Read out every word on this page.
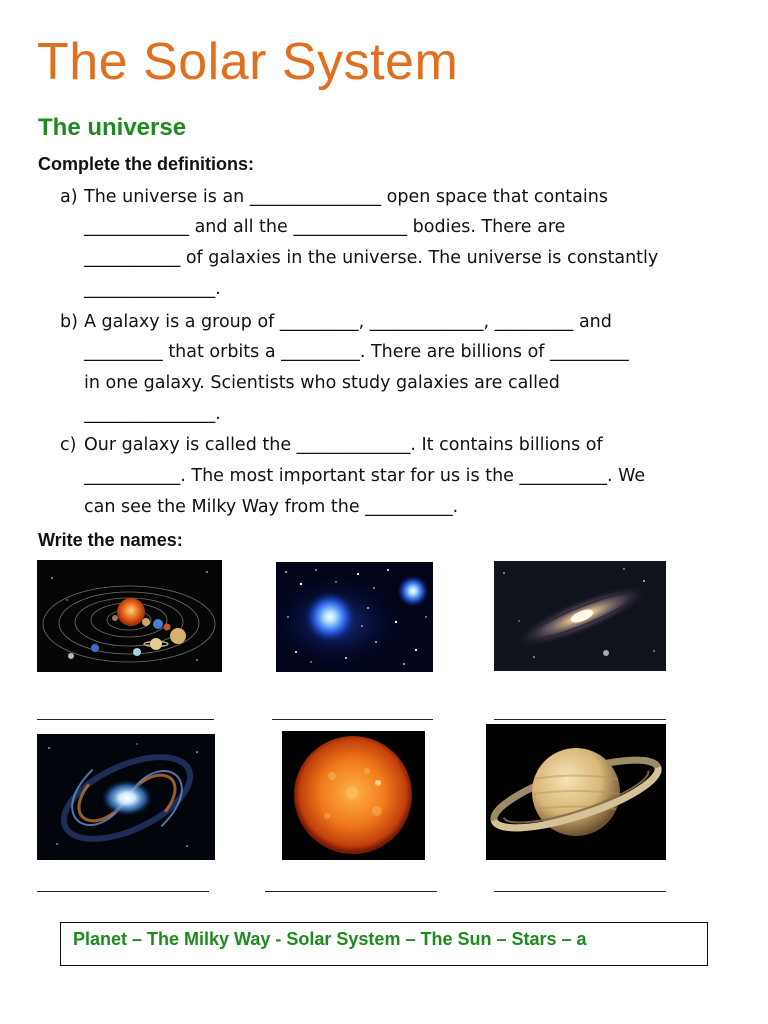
The Solar System
The universe

Complete the definitions:

a) The universe is an _______________ open space that contains
____________ and all the _____________ bodies. There are
___________ of galaxies in the universe. The universe is constantly
_______________.
b) A galaxy is a group of _________, _____________, _________ and
_________ that orbits a _________. There are billions of _________
in one galaxy. Scientists who study galaxies are called
_______________.
c) Our galaxy is called the _____________. It contains billions of
___________. The most important star for us is the __________. We
can see the Milky Way from the __________.

Write the names:

Planet – The Milky Way - Solar System – The Sun – Stars – a
